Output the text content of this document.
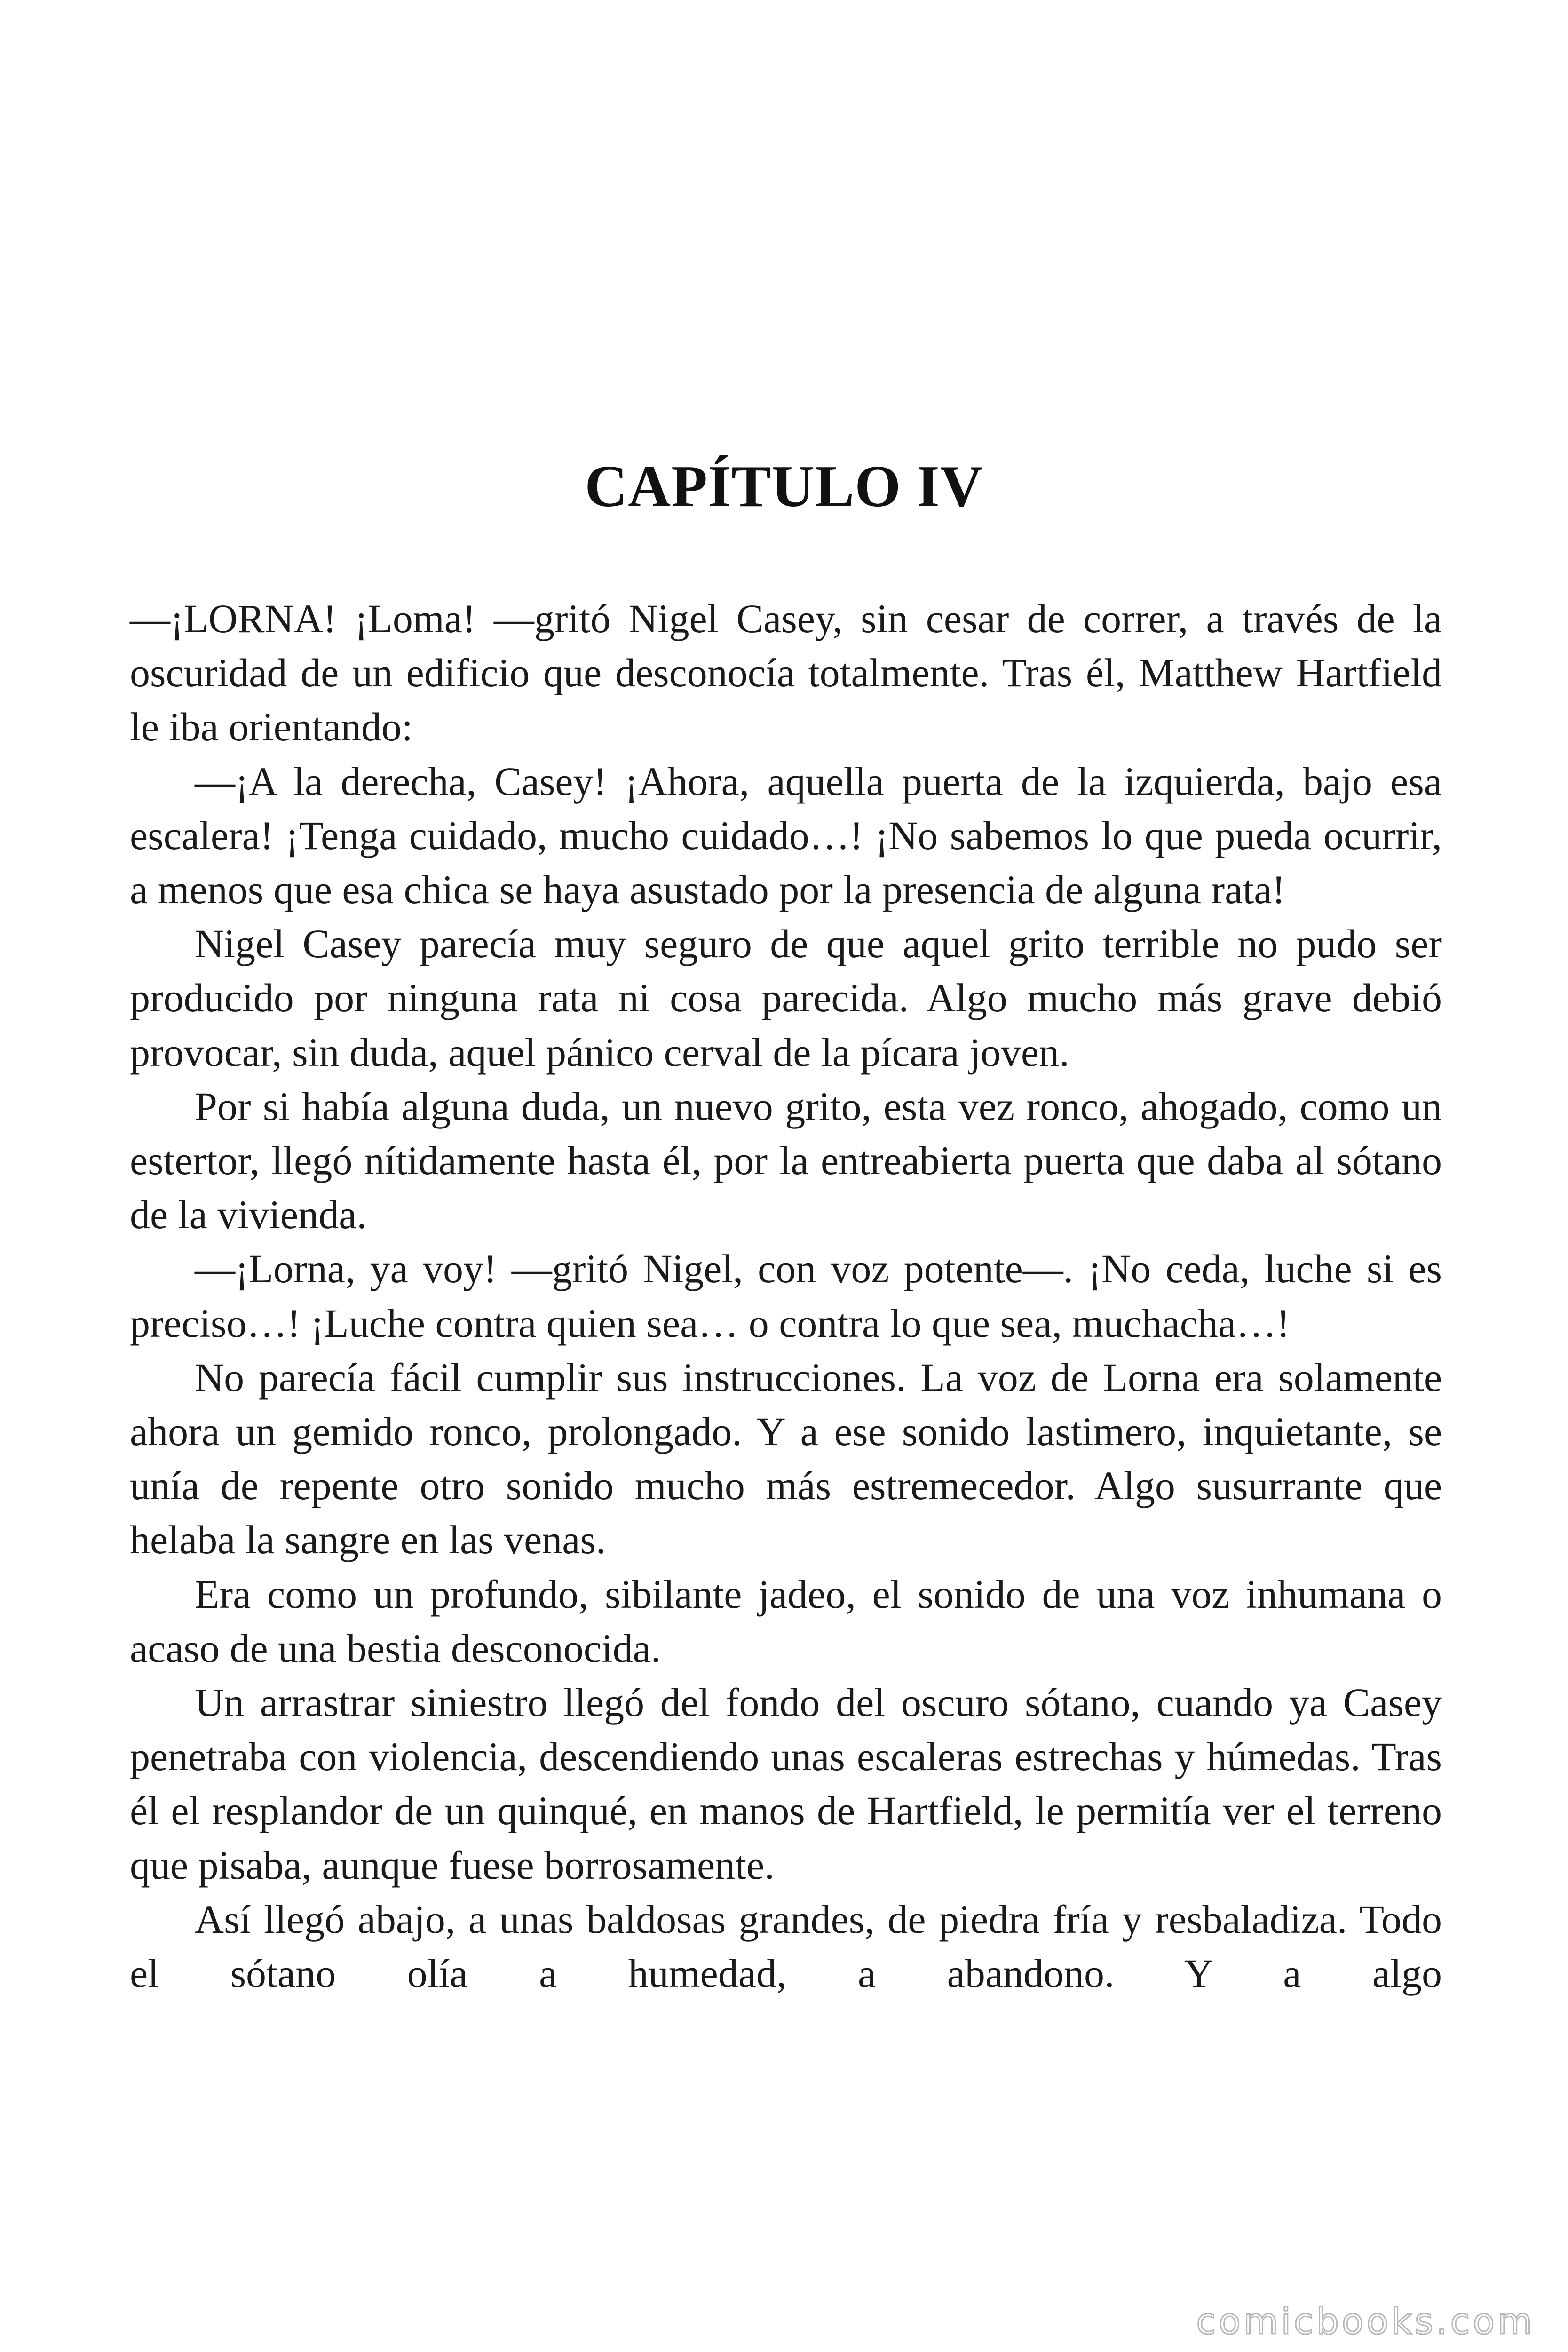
CAPÍTULO IV

—¡LORNA! ¡Loma! —gritó Nigel Casey, sin cesar de correr, a través de la oscuridad de un edificio que desconocía totalmente. Tras él, Matthew Hartfield le iba orientando:

—¡A la derecha, Casey! ¡Ahora, aquella puerta de la izquierda, bajo esa escalera! ¡Tenga cuidado, mucho cuidado…! ¡No sabemos lo que pueda ocurrir, a menos que esa chica se haya asustado por la presencia de alguna rata!

Nigel Casey parecía muy seguro de que aquel grito terrible no pudo ser producido por ninguna rata ni cosa parecida. Algo mucho más grave debió provocar, sin duda, aquel pánico cerval de la pícara joven.

Por si había alguna duda, un nuevo grito, esta vez ronco, ahogado, como un estertor, llegó nítidamente hasta él, por la entreabierta puerta que daba al sótano de la vivienda.

—¡Lorna, ya voy! —gritó Nigel, con voz potente—. ¡No ceda, luche si es preciso…! ¡Luche contra quien sea… o contra lo que sea, muchacha…!

No parecía fácil cumplir sus instrucciones. La voz de Lorna era solamente ahora un gemido ronco, prolongado. Y a ese sonido lastimero, inquietante, se unía de repente otro sonido mucho más estremecedor. Algo susurrante que helaba la sangre en las venas.

Era como un profundo, sibilante jadeo, el sonido de una voz inhumana o acaso de una bestia desconocida.

Un arrastrar siniestro llegó del fondo del oscuro sótano, cuando ya Casey penetraba con violencia, descendiendo unas escaleras estrechas y húmedas. Tras él el resplandor de un quinqué, en manos de Hartfield, le permitía ver el terreno que pisaba, aunque fuese borrosamente.

Así llegó abajo, a unas baldosas grandes, de piedra fría y resbaladiza. Todo el sótano olía a humedad, a abandono. Y a algo

comicbooks.com
